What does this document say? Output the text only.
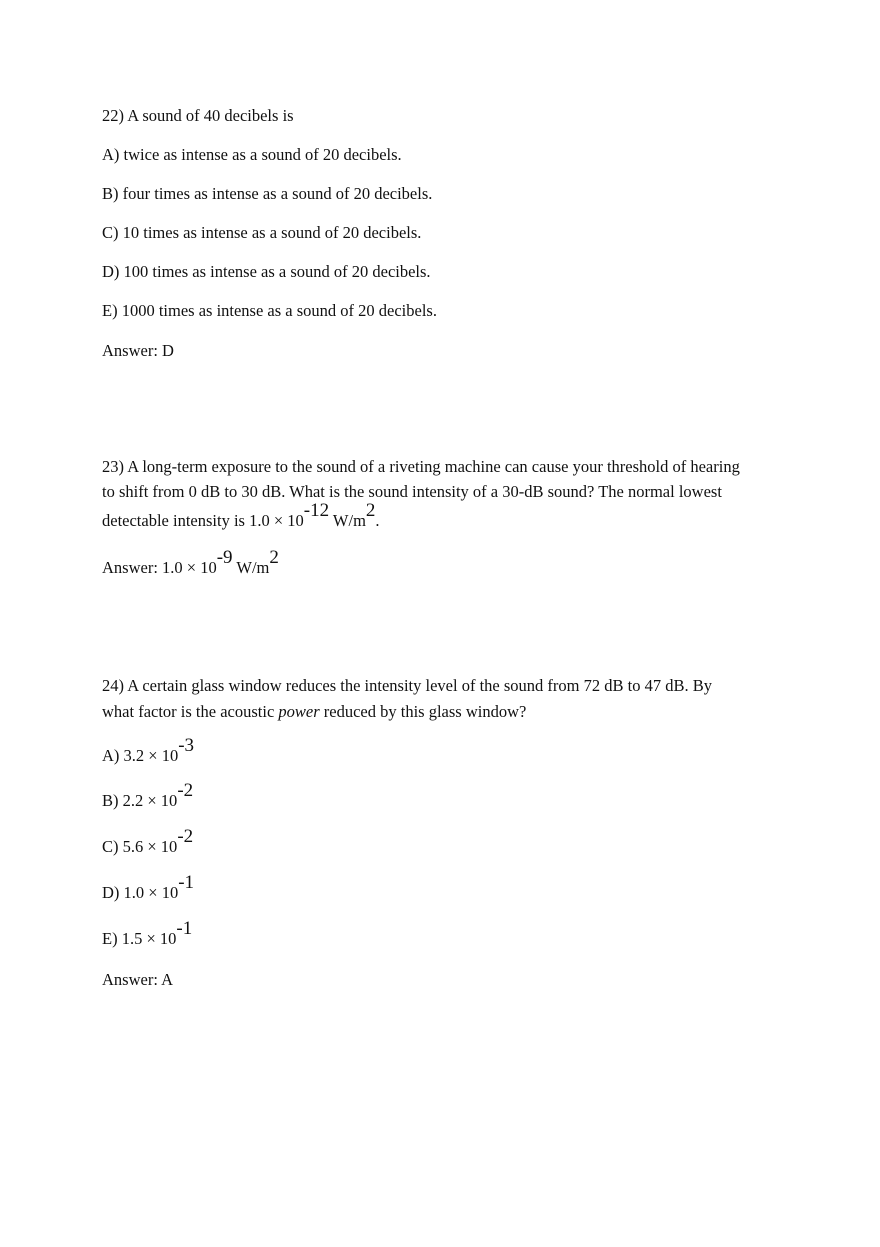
22) A sound of 40 decibels is
A) twice as intense as a sound of 20 decibels.
B) four times as intense as a sound of 20 decibels.
C) 10 times as intense as a sound of 20 decibels.
D) 100 times as intense as a sound of 20 decibels.
E) 1000 times as intense as a sound of 20 decibels.
Answer: D
23) A long-term exposure to the sound of a riveting machine can cause your threshold of hearing
to shift from 0 dB to 30 dB. What is the sound intensity of a 30-dB sound? The normal lowest
detectable intensity is $1.0 \times 10^{-12}$ $W/m^2$.
Answer: $1.0 \times 10^{-9}$ $W/m^2$
24) A certain glass window reduces the intensity level of the sound from 72 dB to 47 dB. By
what factor is the acoustic power reduced by this glass window?
A) $3.2 \times 10^{-3}$
B) $2.2 \times 10^{-2}$
C) $5.6 \times 10^{-2}$
D) $1.0 \times 10^{-1}$
E) $1.5 \times 10^{-1}$
Answer: A
